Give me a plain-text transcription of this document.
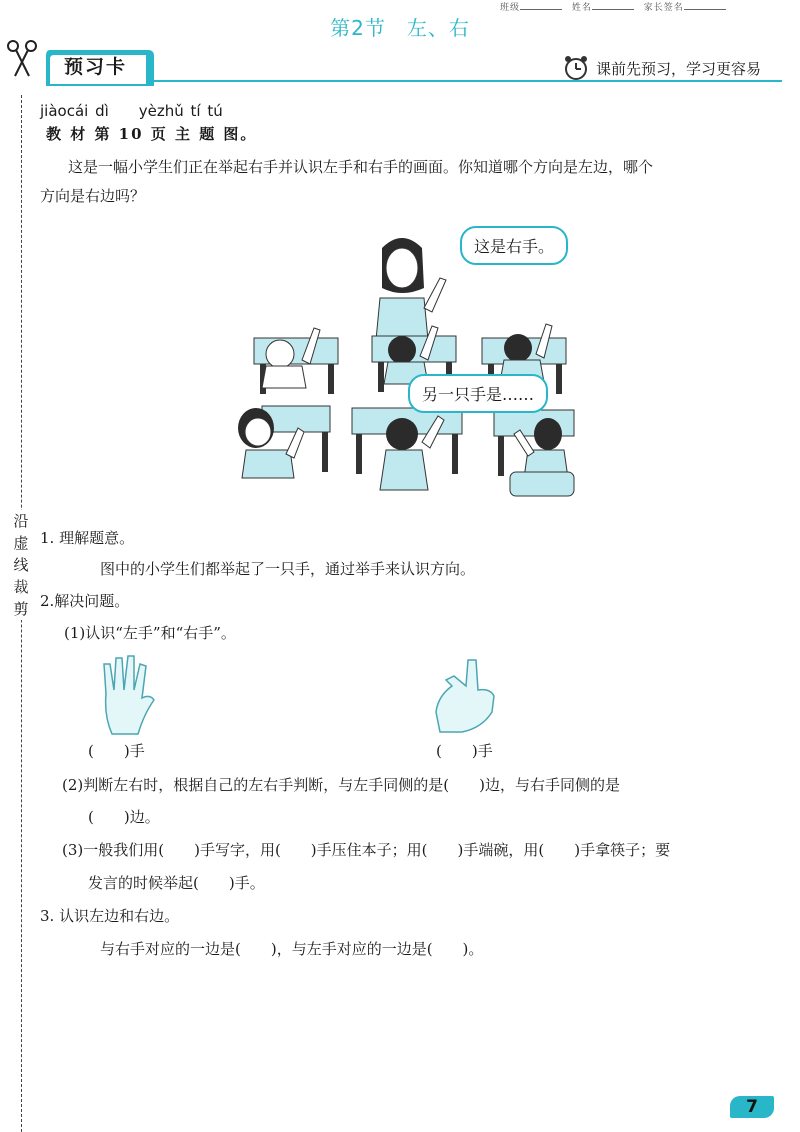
班级	姓名	家长签名
第2节　左、右
沿
虚
线
裁
剪
预习卡	课前先预习，学习更容易
jiàocái dì　　yèzhǔ tí tú
教 材 第 10 页 主 题 图。
这是一幅小学生们正在举起右手并认识左手和右手的画面。你知道哪个方向是左边，哪个
方向是右边吗？
这是右手。
另一只手是……
1. 理解题意。
图中的小学生们都举起了一只手，通过举手来认识方向。
2.解决问题。
(1)认识“左手”和“右手”。
(　　)手	(　　)手
(2)判断左右时，根据自己的左右手判断，与左手同侧的是(　　)边，与右手同侧的是
(　　)边。
(3)一般我们用(　　)手写字，用(　　)手压住本子；用(　　)手端碗，用(　　)手拿筷子；要
发言的时候举起(　　)手。
3. 认识左边和右边。
与右手对应的一边是(　　)，与左手对应的一边是(　　)。
7
